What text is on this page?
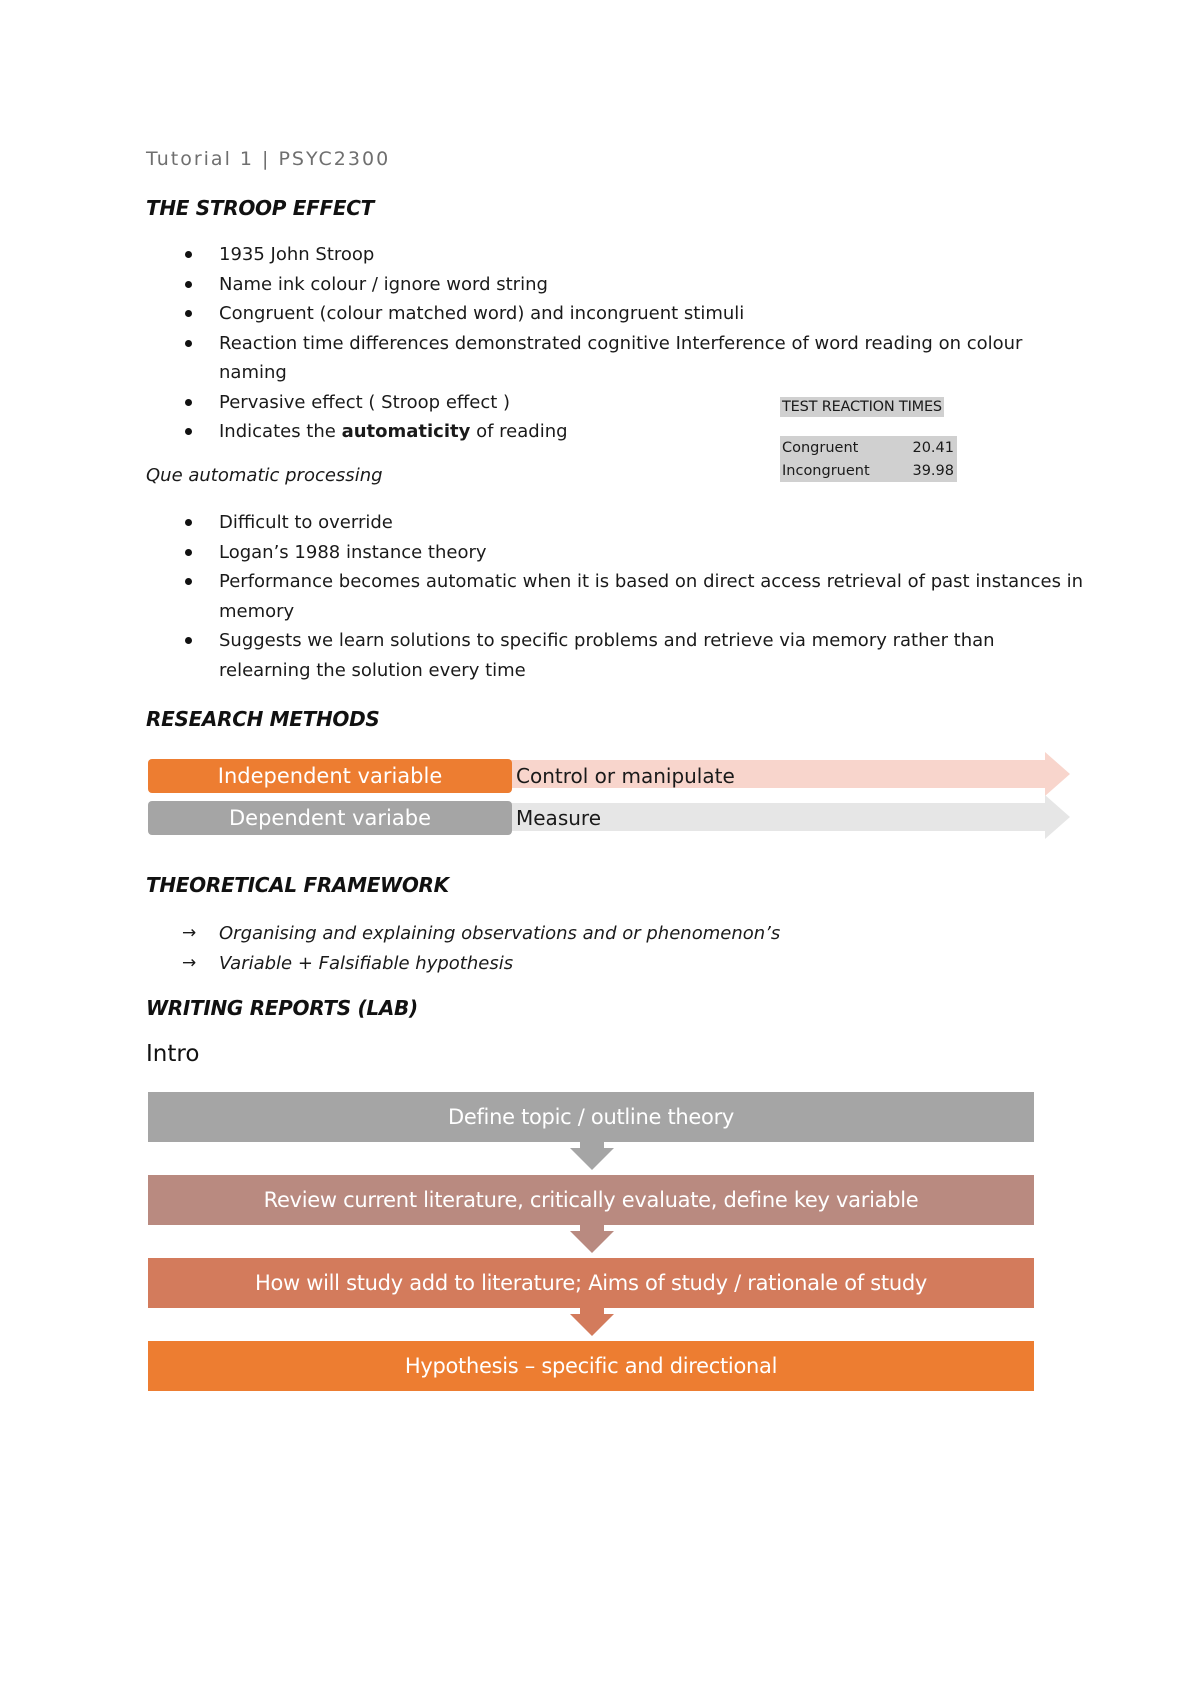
Tutorial 1 | PSYC2300
THE STROOP EFFECT
1935 John Stroop
Name ink colour / ignore word string
Congruent (colour matched word) and incongruent stimuli
Reaction time differences demonstrated cognitive Interference of word reading on colour naming
Pervasive effect ( Stroop effect )
Indicates the automaticity of reading
TEST REACTION TIMES
Congruent	20.41
Incongruent	39.98
Que automatic processing
Difficult to override
Logan’s 1988 instance theory
Performance becomes automatic when it is based on direct access retrieval of past instances in memory
Suggests we learn solutions to specific problems and retrieve via memory rather than relearning the solution every time
RESEARCH METHODS
Independent variable	Control or manipulate
Dependent variabe	Measure
THEORETICAL FRAMEWORK
→ Organising and explaining observations and or phenomenon’s
→ Variable + Falsifiable hypothesis
WRITING REPORTS (LAB)
Intro
Define topic / outline theory
Review current literature, critically evaluate, define key variable
How will study add to literature; Aims of study / rationale of study
Hypothesis – specific and directional
